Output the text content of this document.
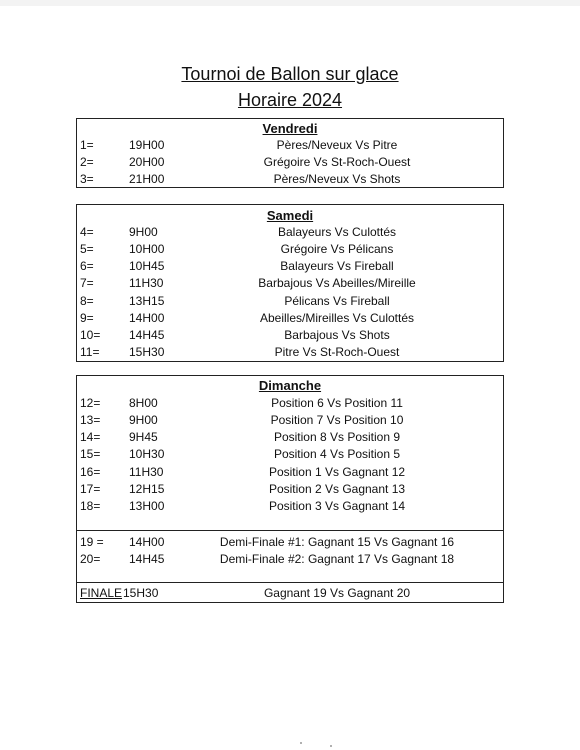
Tournoi de Ballon sur glace
Horaire 2024
Vendredi
1=	19H00	Pères/Neveux Vs Pitre
2=	20H00	Grégoire Vs St-Roch-Ouest
3=	21H00	Pères/Neveux Vs Shots
Samedi
4=	9H00	Balayeurs Vs Culottés
5=	10H00	Grégoire Vs Pélicans
6=	10H45	Balayeurs Vs Fireball
7=	11H30	Barbajous Vs Abeilles/Mireille
8=	13H15	Pélicans Vs Fireball
9=	14H00	Abeilles/Mireilles Vs Culottés
10= 14H45	Barbajous Vs Shots
11= 15H30	Pitre Vs St-Roch-Ouest
Dimanche
12= 8H00	Position 6 Vs Position 11
13= 9H00	Position 7 Vs Position 10
14= 9H45	Position 8 Vs Position 9
15= 10H30	Position 4 Vs Position 5
16= 11H30	Position 1 Vs Gagnant 12
17= 12H15	Position 2 Vs Gagnant 13
18= 13H00	Position 3 Vs Gagnant 14
19 = 14H00	Demi-Finale #1: Gagnant 15 Vs Gagnant 16
20= 14H45	Demi-Finale #2: Gagnant 17 Vs Gagnant 18
FINALE 15H30	Gagnant 19 Vs Gagnant 20
